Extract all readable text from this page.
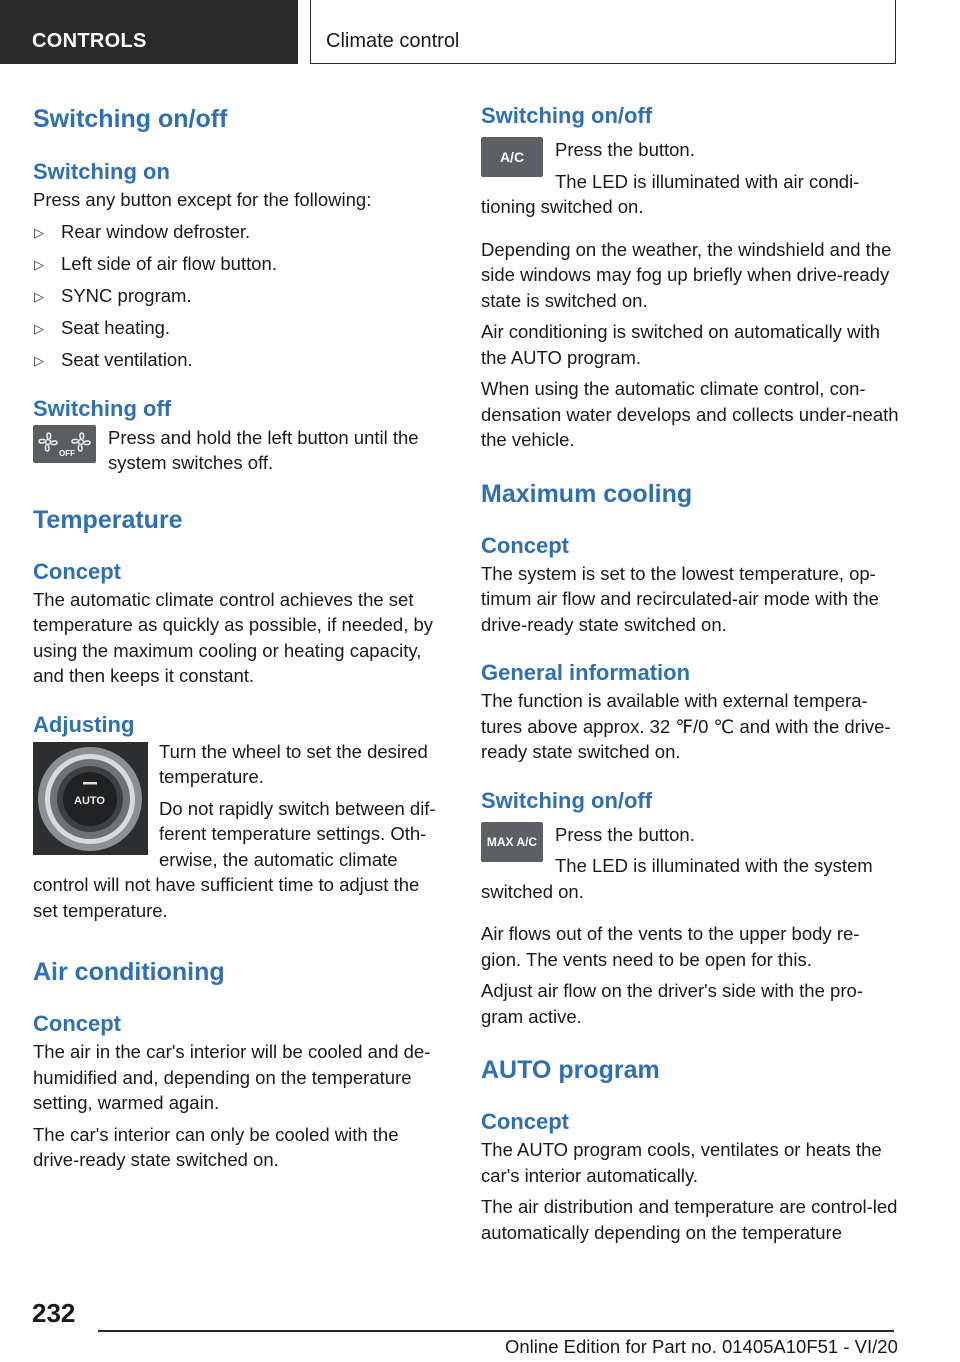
CONTROLS	Climate control
Switching on/off
Switching on

Press any button except for the following:

▷ Rear window defroster.
▷ Left side of air flow button.
▷ SYNC program.
▷ Seat heating.
▷ Seat ventilation.
Switching off
OFF

Press and hold the left button until the system switches off.

Temperature
Concept

The automatic climate control achieves the set temperature as quickly as possible, if needed, by using the maximum cooling or heating capacity, and then keeps it constant.

Adjusting
AUTO

Turn the wheel to set the desired temperature.

Do not rapidly switch between dif-ferent temperature settings. Oth-erwise, the automatic climate control will not have sufficient time to adjust the set temperature.

Air conditioning
Concept

The air in the car's interior will be cooled and de-humidified and, depending on the temperature setting, warmed again.

The car's interior can only be cooled with the drive-ready state switched on.

Switching on/off
A/C	Press the button.

The LED is illuminated with air condi-tioning switched on.

Depending on the weather, the windshield and the side windows may fog up briefly when drive-ready state is switched on.

Air conditioning is switched on automatically with the AUTO program.

When using the automatic climate control, con-densation water develops and collects under-neath the vehicle.

Maximum cooling
Concept

The system is set to the lowest temperature, op-timum air flow and recirculated-air mode with the drive-ready state switched on.

General information

The function is available with external tempera-tures above approx. 32 ℉/0 ℃ and with the drive-ready state switched on.

Switching on/off
MAX A/C Press the button.

The LED is illuminated with the system switched on.

Air flows out of the vents to the upper body re-gion. The vents need to be open for this.

Adjust air flow on the driver's side with the pro-gram active.

AUTO program
Concept

The AUTO program cools, ventilates or heats the car's interior automatically.

The air distribution and temperature are control-led automatically depending on the temperature

232
Online Edition for Part no. 01405A10F51 - VI/20
